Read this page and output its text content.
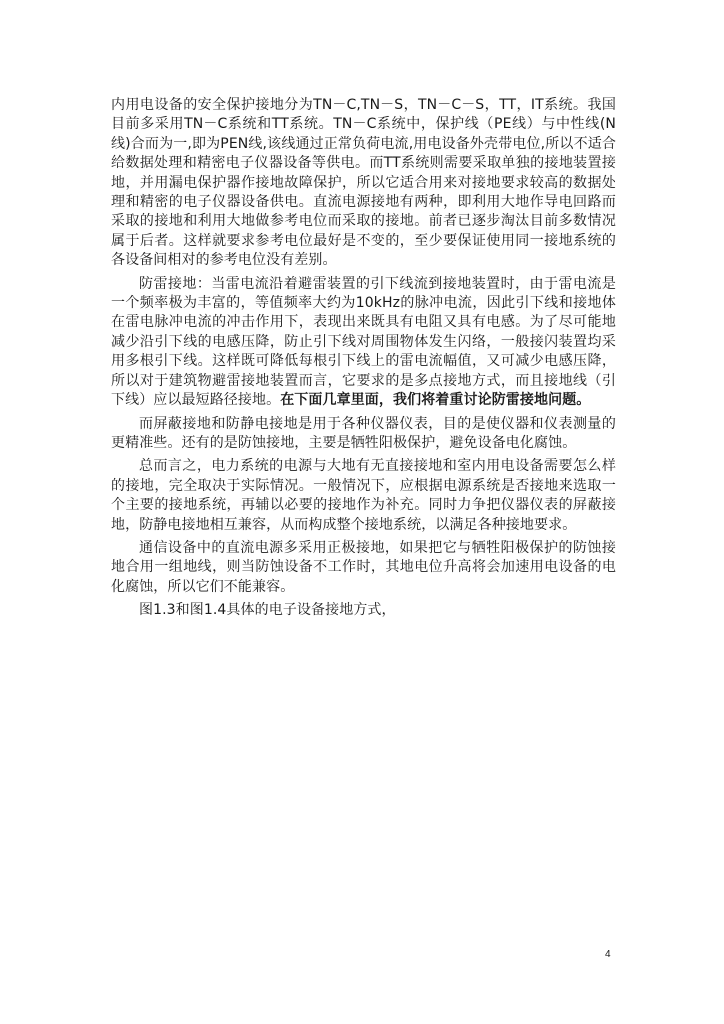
内用电设备的安全保护接地分为TN－C,TN－S，TN－C－S，TT，IT系统。我国目前多采用TN－C系统和TT系统。TN－C系统中，保护线（PE线）与中性线(N线)合而为一,即为PEN线,该线通过正常负荷电流,用电设备外壳带电位,所以不适合给数据处理和精密电子仪器设备等供电。而TT系统则需要采取单独的接地装置接地，并用漏电保护器作接地故障保护，所以它适合用来对接地要求较高的数据处理和精密的电子仪器设备供电。直流电源接地有两种，即利用大地作导电回路而采取的接地和利用大地做参考电位而采取的接地。前者已逐步淘汰目前多数情况属于后者。这样就要求参考电位最好是不变的，至少要保证使用同一接地系统的各设备间相对的参考电位没有差别。

防雷接地：当雷电流沿着避雷装置的引下线流到接地装置时，由于雷电流是一个频率极为丰富的，等值频率大约为10kHz的脉冲电流，因此引下线和接地体在雷电脉冲电流的冲击作用下，表现出来既具有电阻又具有电感。为了尽可能地减少沿引下线的电感压降，防止引下线对周围物体发生闪络，一般接闪装置均采用多根引下线。这样既可降低每根引下线上的雷电流幅值，又可减少电感压降，所以对于建筑物避雷接地装置而言，它要求的是多点接地方式，而且接地线（引下线）应以最短路径接地。在下面几章里面，我们将着重讨论防雷接地问题。

而屏蔽接地和防静电接地是用于各种仪器仪表，目的是使仪器和仪表测量的更精准些。还有的是防蚀接地，主要是牺牲阳极保护，避免设备电化腐蚀。

总而言之，电力系统的电源与大地有无直接接地和室内用电设备需要怎么样的接地，完全取决于实际情况。一般情况下，应根据电源系统是否接地来选取一个主要的接地系统，再辅以必要的接地作为补充。同时力争把仪器仪表的屏蔽接地，防静电接地相互兼容，从而构成整个接地系统，以满足各种接地要求。

通信设备中的直流电源多采用正极接地，如果把它与牺牲阳极保护的防蚀接地合用一组地线，则当防蚀设备不工作时，其地电位升高将会加速用电设备的电化腐蚀，所以它们不能兼容。

图1.3和图1.4具体的电子设备接地方式，

4
